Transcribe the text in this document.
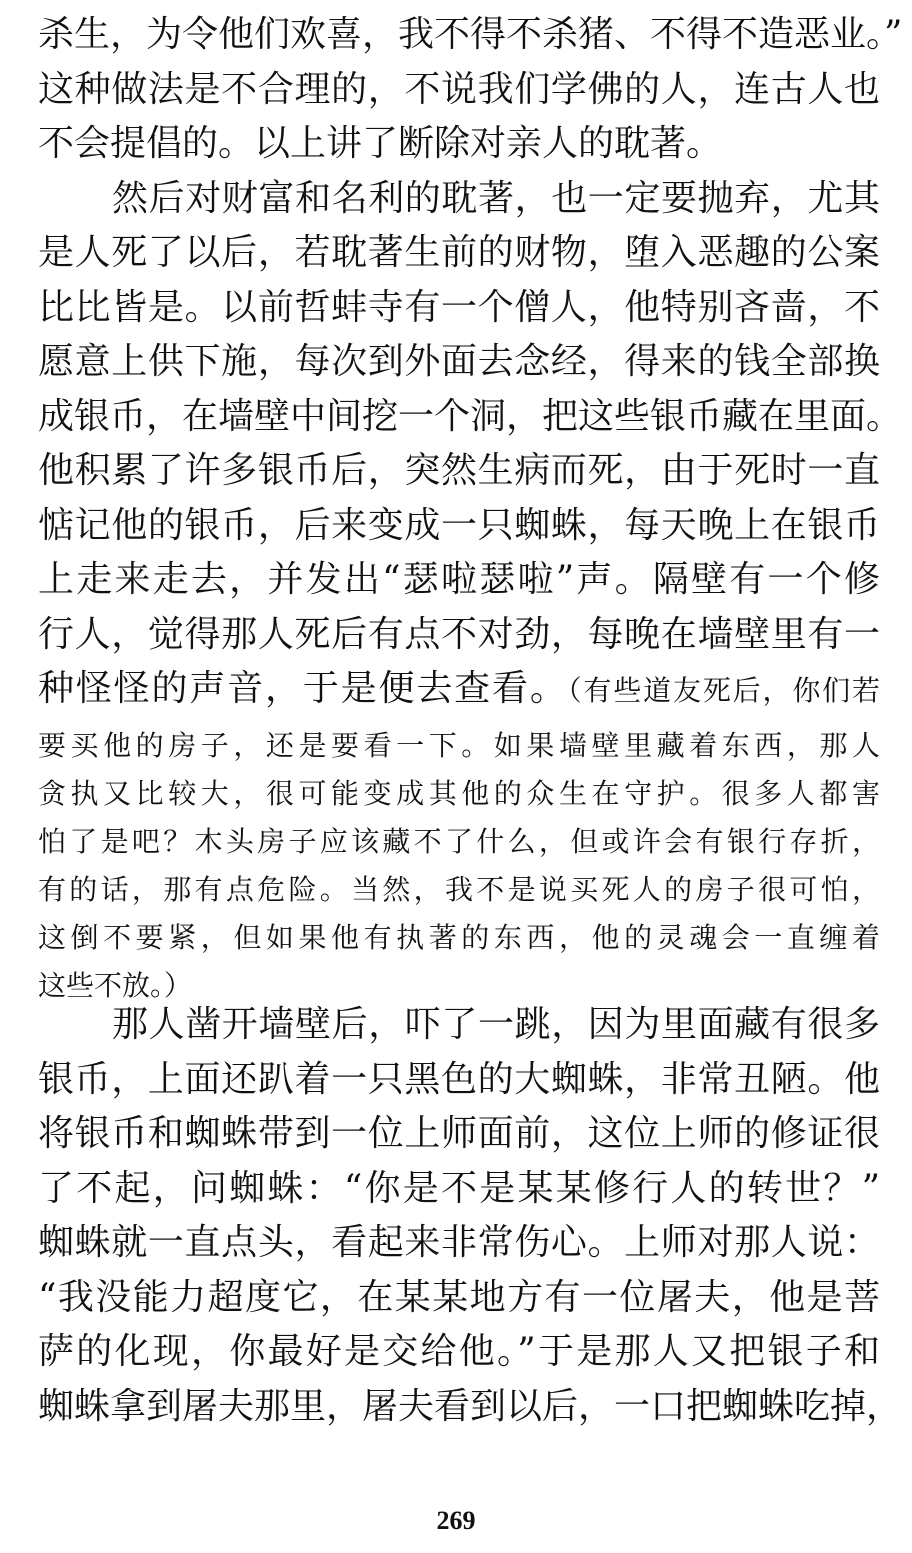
杀生，为令他们欢喜，我不得不杀猪、不得不造恶业。”
这种做法是不合理的，不说我们学佛的人，连古人也
不会提倡的。以上讲了断除对亲人的耽著。
然后对财富和名利的耽著，也一定要抛弃，尤其
是人死了以后，若耽著生前的财物，堕入恶趣的公案
比比皆是。以前哲蚌寺有一个僧人，他特别吝啬，不
愿意上供下施，每次到外面去念经，得来的钱全部换
成银币，在墙壁中间挖一个洞，把这些银币藏在里面。
他积累了许多银币后，突然生病而死，由于死时一直
惦记他的银币，后来变成一只蜘蛛，每天晚上在银币
上走来走去，并发出“瑟啦瑟啦”声。隔壁有一个修
行人，觉得那人死后有点不对劲，每晚在墙壁里有一
种怪怪的声音，于是便去查看。（有些道友死后，你们若
要买他的房子，还是要看一下。如果墙壁里藏着东西，那人
贪执又比较大，很可能变成其他的众生在守护。很多人都害
怕了是吧？木头房子应该藏不了什么，但或许会有银行存折，
有的话，那有点危险。当然，我不是说买死人的房子很可怕，
这倒不要紧，但如果他有执著的东西，他的灵魂会一直缠着
这些不放。）
那人凿开墙壁后，吓了一跳，因为里面藏有很多
银币，上面还趴着一只黑色的大蜘蛛，非常丑陋。他
将银币和蜘蛛带到一位上师面前，这位上师的修证很
了不起，问蜘蛛：“你是不是某某修行人的转世？”
蜘蛛就一直点头，看起来非常伤心。上师对那人说：
“我没能力超度它，在某某地方有一位屠夫，他是菩
萨的化现，你最好是交给他。”于是那人又把银子和
蜘蛛拿到屠夫那里，屠夫看到以后，一口把蜘蛛吃掉，
269
